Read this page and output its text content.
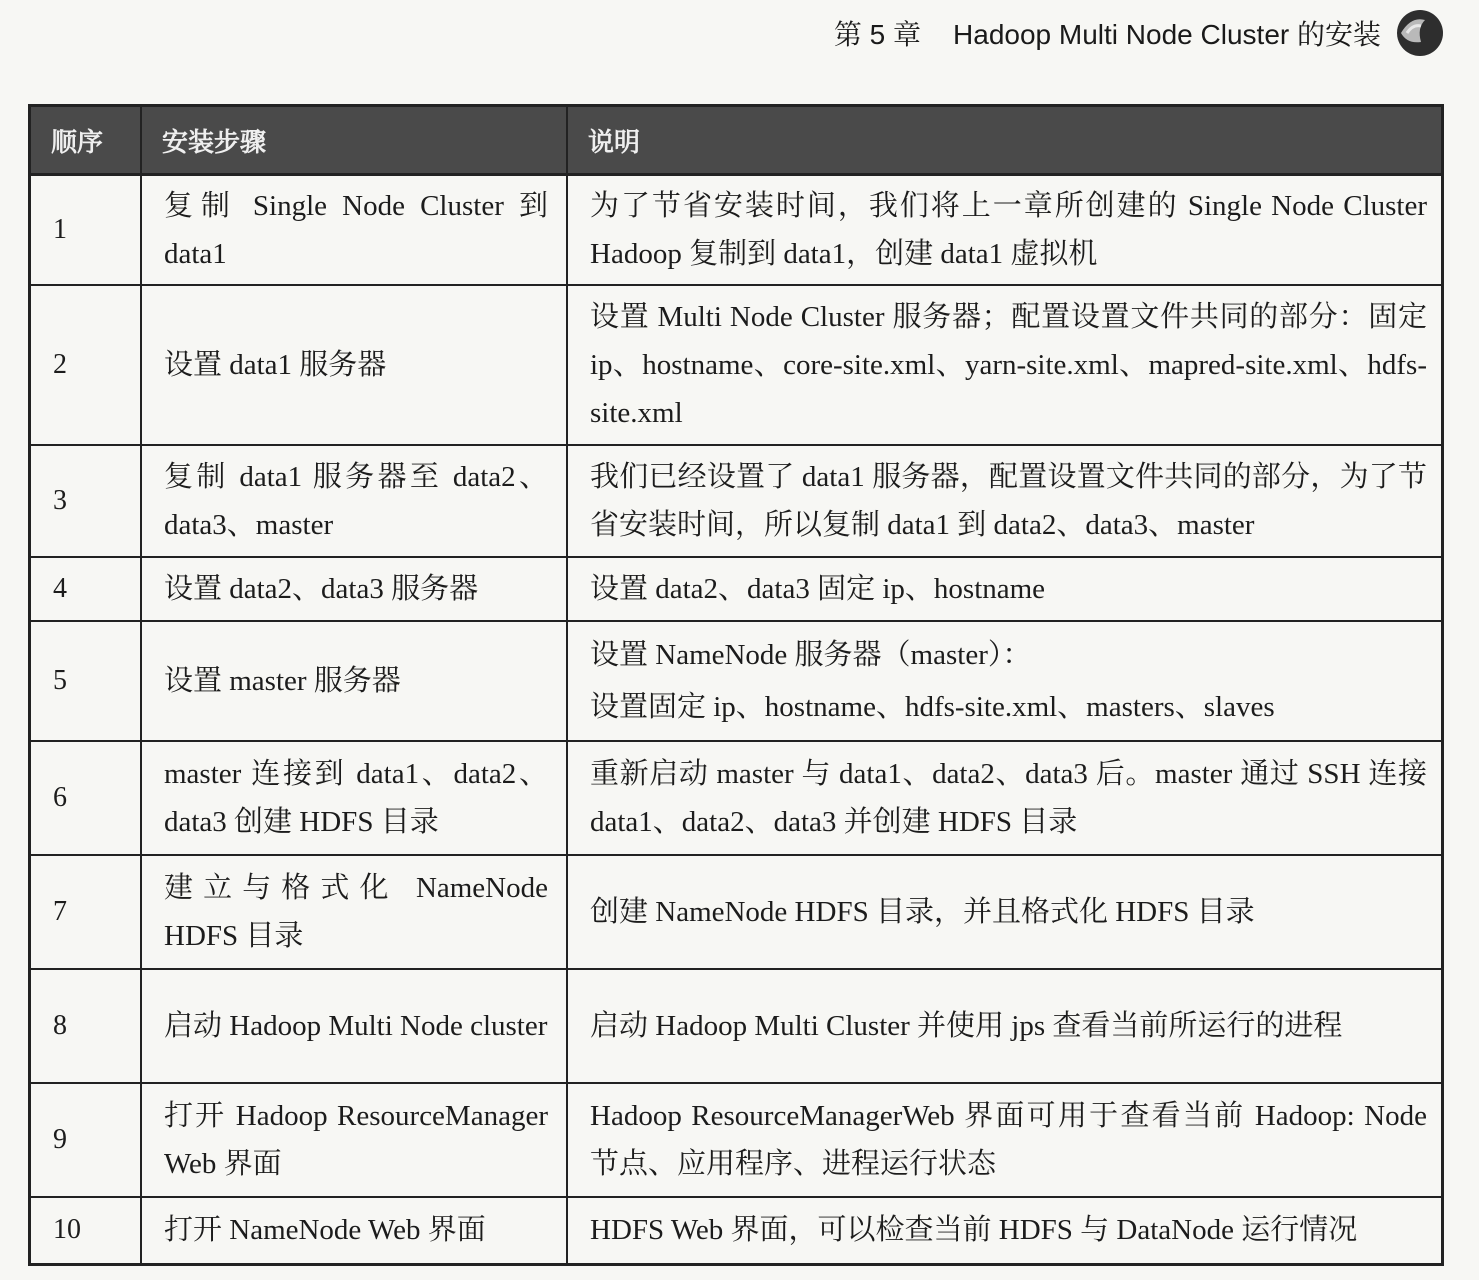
第 5 章 Hadoop Multi Node Cluster 的安装
顺序	安装步骤	说明
1	复制 Single Node Cluster 到 data1	为了节省安装时间，我们将上一章所创建的 Single Node Cluster Hadoop 复制到 data1，创建 data1 虚拟机
2	设置 data1 服务器	设置 Multi Node Cluster 服务器；配置设置文件共同的部分：固定 ip、hostname、core-site.xml、yarn-site.xml、mapred-site.xml、hdfs-site.xml
3	复制 data1 服务器至 data2、data3、master	我们已经设置了 data1 服务器，配置设置文件共同的部分，为了节省安装时间，所以复制 data1 到 data2、data3、master
4	设置 data2、data3 服务器	设置 data2、data3 固定 ip、hostname
5	设置 master 服务器	设置 NameNode 服务器（master）：
设置固定 ip、hostname、hdfs-site.xml、masters、slaves

6	master 连接到 data1、data2、data3 创建 HDFS 目录	重新启动 master 与 data1、data2、data3 后。master 通过 SSH 连接 data1、data2、data3 并创建 HDFS 目录
7	建立与格式化 NameNode HDFS 目录	创建 NameNode HDFS 目录，并且格式化 HDFS 目录
8	启动 Hadoop Multi Node cluster	启动 Hadoop Multi Cluster 并使用 jps 查看当前所运行的进程
9	打开 Hadoop ResourceManager Web 界面	Hadoop ResourceManagerWeb 界面可用于查看当前 Hadoop: Node 节点、应用程序、进程运行状态
10	打开 NameNode Web 界面	HDFS Web 界面，可以检查当前 HDFS 与 DataNode 运行情况
